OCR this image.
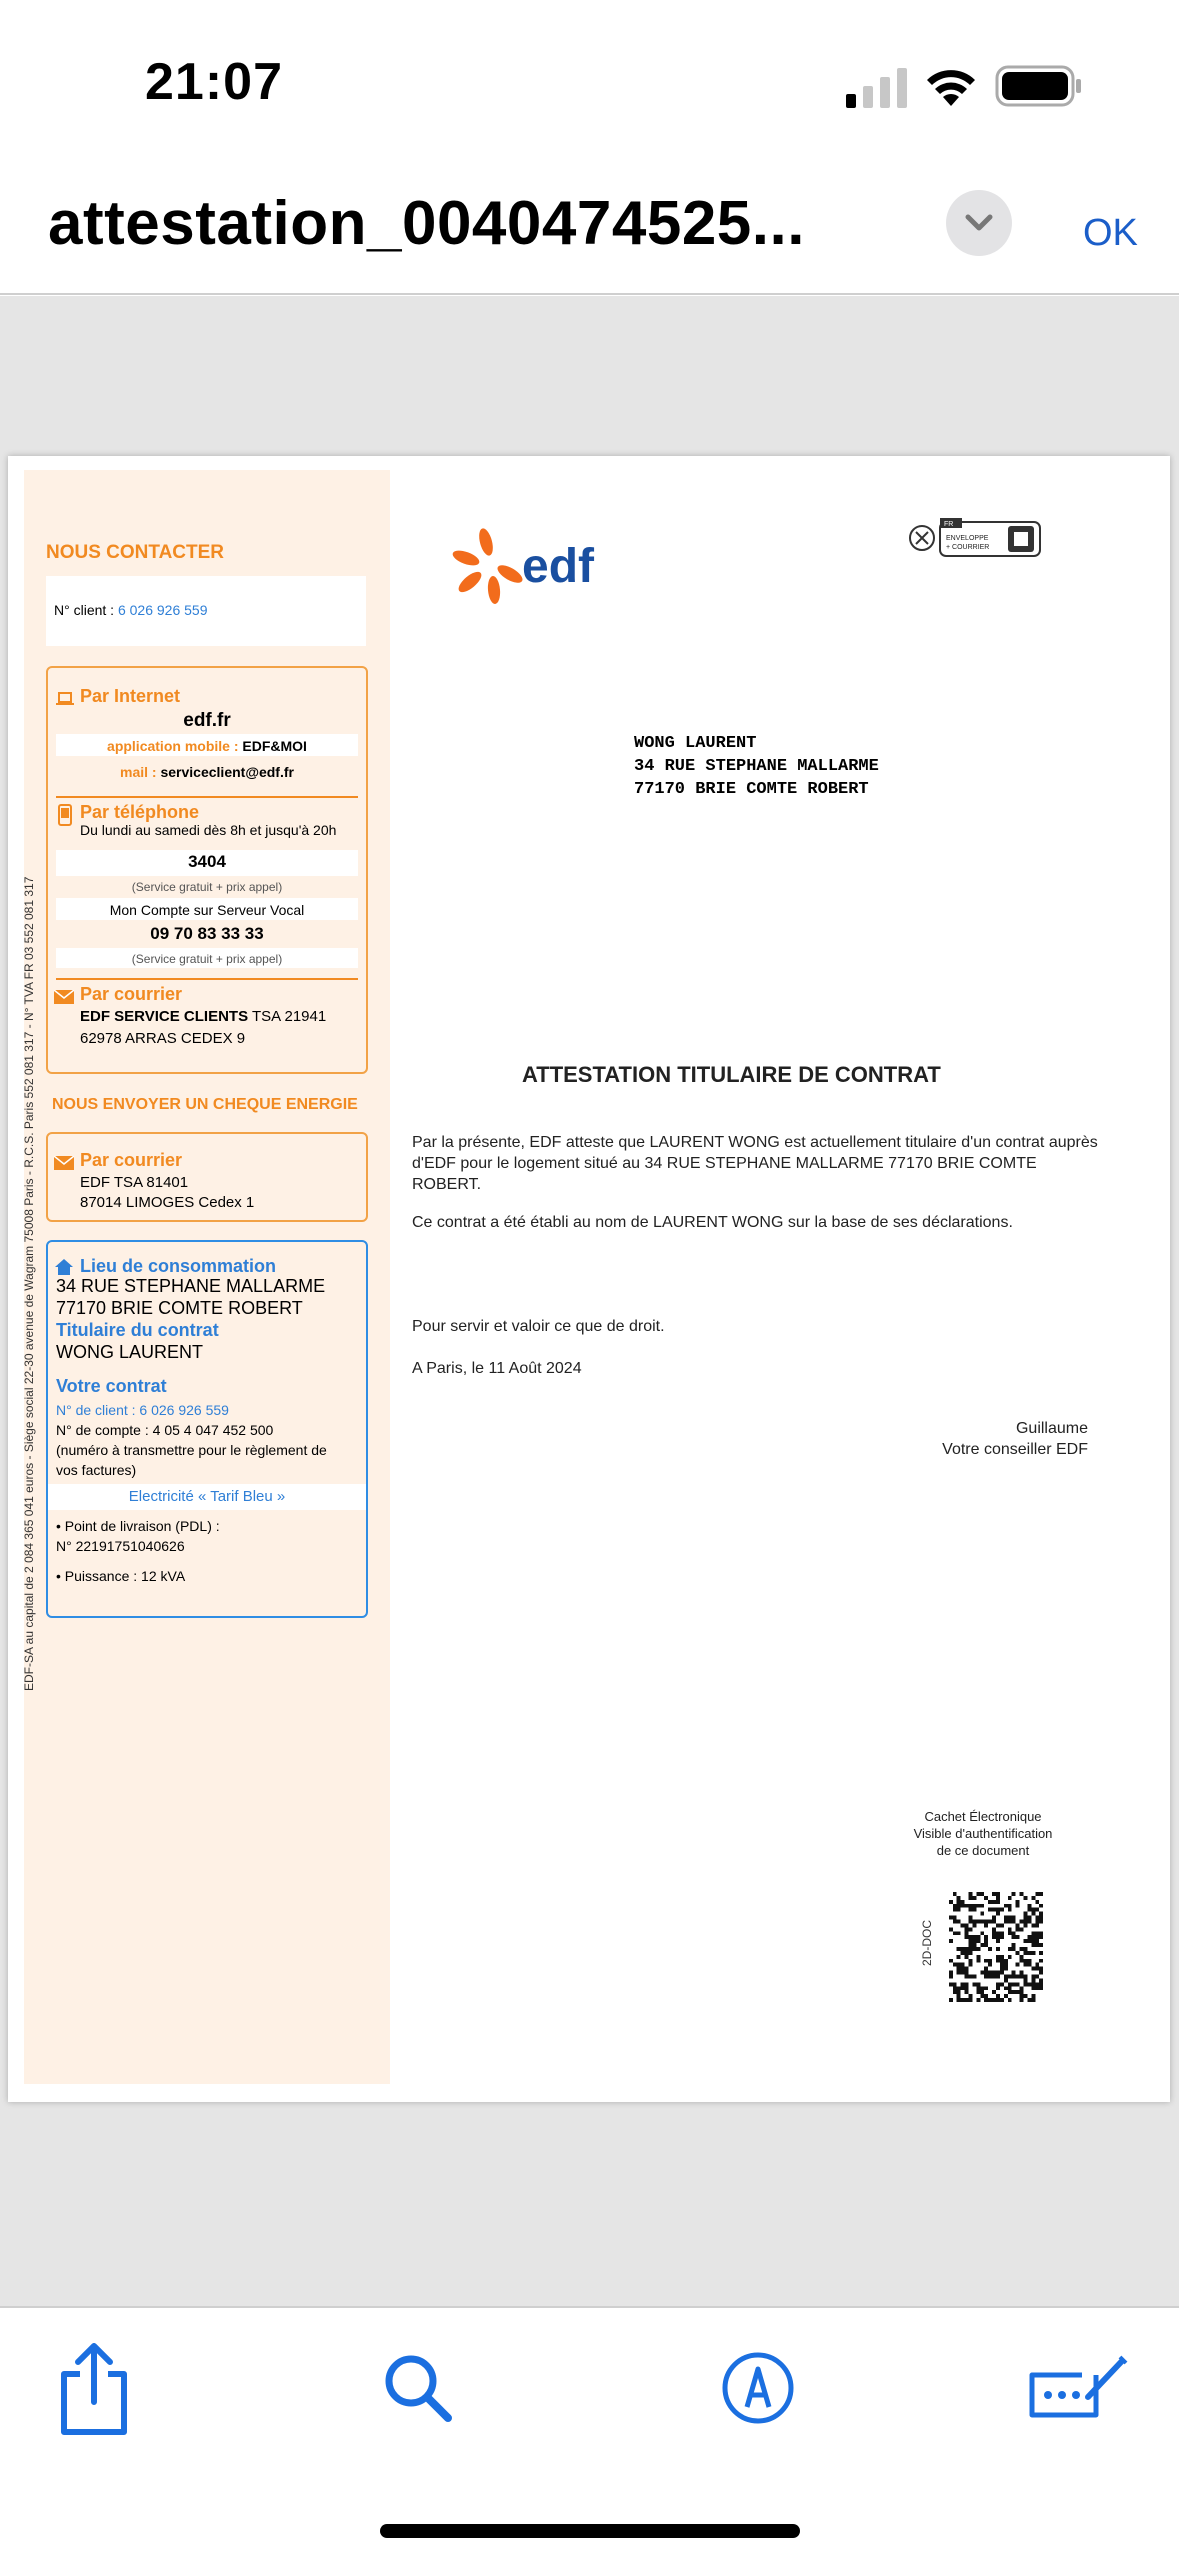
21:07
attestation_0040474525...	OK
NOUS CONTACTER
N° client : 6 026 926 559
Par Internet
edf.fr
application mobile : EDF&MOI
mail : serviceclient@edf.fr
Par téléphone
Du lundi au samedi dès 8h et jusqu'à 20h
3404
(Service gratuit + prix appel)
Mon Compte sur Serveur Vocal
09 70 83 33 33
(Service gratuit + prix appel)
Par courrier
EDF SERVICE CLIENTS TSA 21941
62978 ARRAS CEDEX 9
NOUS ENVOYER UN CHEQUE ENERGIE
Par courrier
EDF TSA 81401
87014 LIMOGES Cedex 1
Lieu de consommation
34 RUE STEPHANE MALLARME
77170 BRIE COMTE ROBERT
Titulaire du contrat
WONG LAURENT
Votre contrat
N° de client : 6 026 926 559
N° de compte : 4 05 4 047 452 500
(numéro à transmettre pour le règlement de
vos factures)
Electricité « Tarif Bleu »
• Point de livraison (PDL) :
N° 22191751040626
• Puissance : 12 kVA
EDF-SA au capital de 2 084 365 041 euros - Siège social 22-30 avenue de Wagram 75008 Paris - R.C.S. Paris 552 081 317 - N° TVA FR 03 552 081 317
edf
FR
ENVELOPPE
+ COURRIER
WONG LAURENT
34 RUE STEPHANE MALLARME
77170 BRIE COMTE ROBERT
ATTESTATION TITULAIRE DE CONTRAT
Par la présente, EDF atteste que LAURENT WONG est actuellement titulaire d'un contrat auprès d'EDF pour le logement situé au 34 RUE STEPHANE MALLARME 77170 BRIE COMTE ROBERT.
Ce contrat a été établi au nom de LAURENT WONG sur la base de ses déclarations.
Pour servir et valoir ce que de droit.
A Paris, le 11 Août 2024
Guillaume
Votre conseiller EDF
Cachet Électronique
Visible d'authentification
de ce document
2D-DOC
